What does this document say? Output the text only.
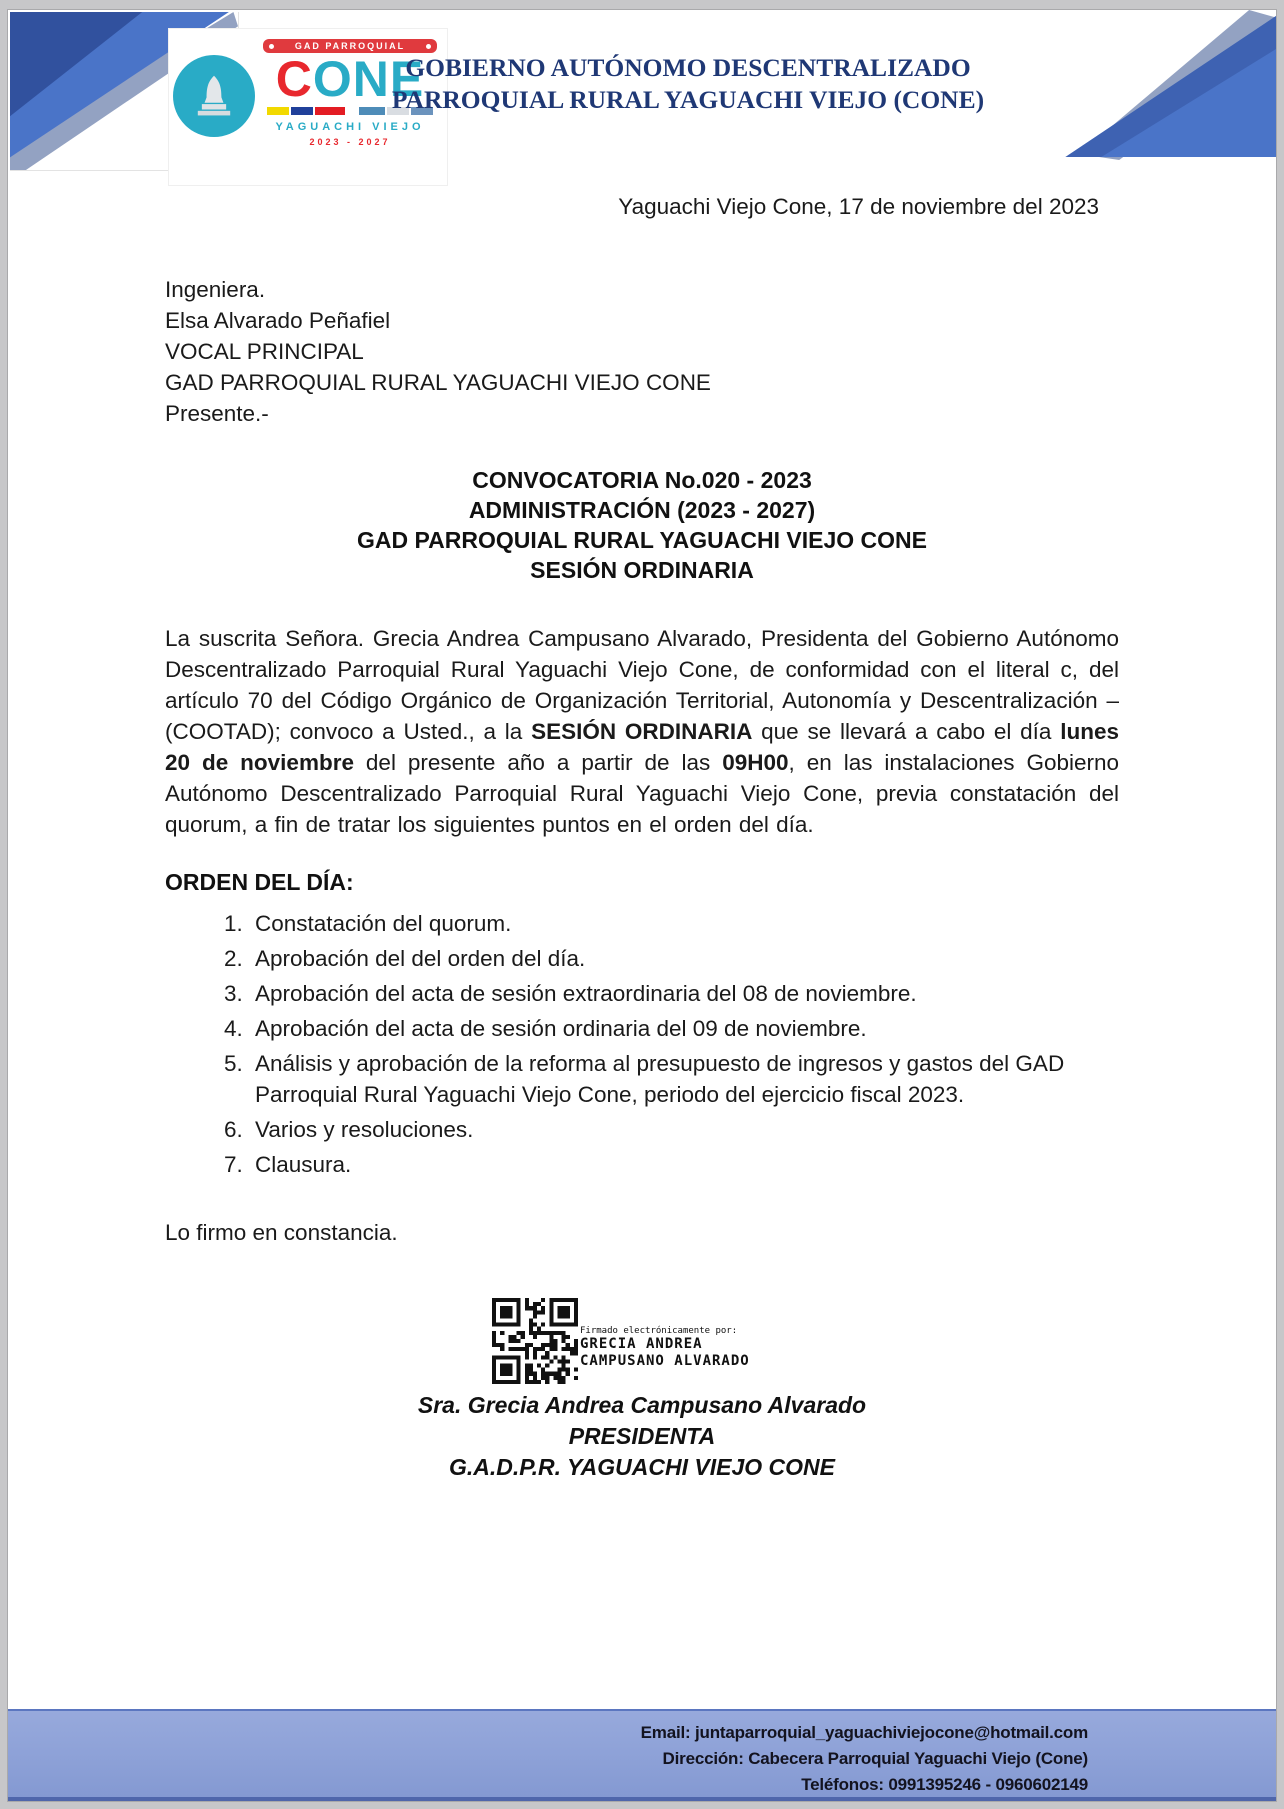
GAD PARROQUIAL
CONE
YAGUACHI VIEJO
2023 - 2027
GOBIERNO AUTÓNOMO DESCENTRALIZADO
PARROQUIAL RURAL YAGUACHI VIEJO (CONE)
Yaguachi Viejo Cone, 17 de noviembre del 2023
Ingeniera.
Elsa Alvarado Peñafiel
VOCAL PRINCIPAL
GAD PARROQUIAL RURAL YAGUACHI VIEJO CONE
Presente.-
CONVOCATORIA No.020 - 2023
ADMINISTRACIÓN (2023 - 2027)
GAD PARROQUIAL RURAL YAGUACHI VIEJO CONE
SESIÓN ORDINARIA

La suscrita Señora. Grecia Andrea Campusano Alvarado, Presidenta del Gobierno Autónomo Descentralizado Parroquial Rural Yaguachi Viejo Cone, de conformidad con el literal c, del artículo 70 del Código Orgánico de Organización Territorial, Autonomía y Descentralización – (COOTAD); convoco a Usted., a la SESIÓN ORDINARIA que se llevará a cabo el día lunes 20 de noviembre del presente año a partir de las 09H00, en las instalaciones Gobierno Autónomo Descentralizado Parroquial Rural Yaguachi Viejo Cone, previa constatación del quorum, a fin de tratar los siguientes puntos en el orden del día.

ORDEN DEL DÍA:
1. Constatación del quorum.
2. Aprobación del del orden del día.
3. Aprobación del acta de sesión extraordinaria del 08 de noviembre.
4. Aprobación del acta de sesión ordinaria del 09 de noviembre.
5. Análisis y aprobación de la reforma al presupuesto de ingresos y gastos del GAD Parroquial Rural Yaguachi Viejo Cone, periodo del ejercicio fiscal 2023.
6. Varios y resoluciones.
7. Clausura.

Lo firmo en constancia.

Firmado electrónicamente por:
GRECIA ANDREA
CAMPUSANO ALVARADO
Sra. Grecia Andrea Campusano Alvarado
PRESIDENTA
G.A.D.P.R. YAGUACHI VIEJO CONE
Email: juntaparroquial_yaguachiviejocone@hotmail.com
Dirección: Cabecera Parroquial Yaguachi Viejo (Cone)
Teléfonos: 0991395246 - 0960602149
